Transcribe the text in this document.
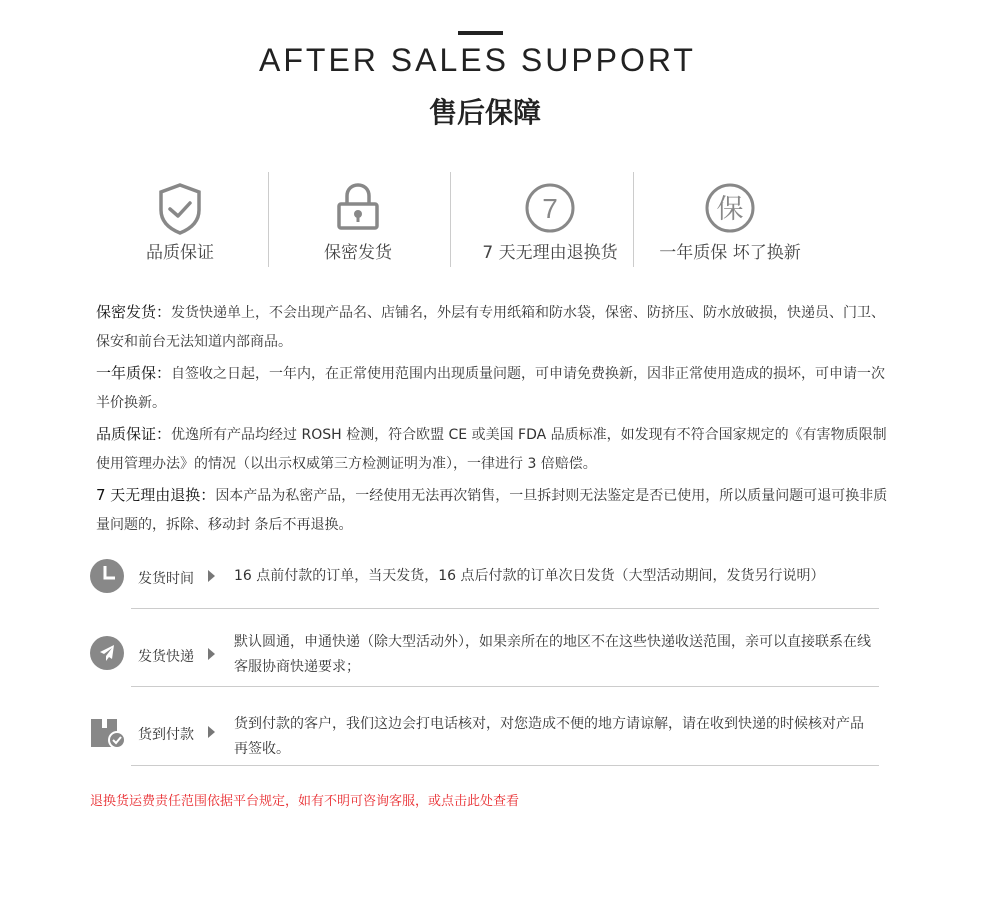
AFTER SALES SUPPORT
售后保障
品质保证	保密发货
7
7 天无理由退换货
保
一年质保 坏了换新
保密发货：发货快递单上，不会出现产品名、店铺名，外层有专用纸箱和防水袋，保密、防挤压、防水放破损，快递员、门卫、保安和前台无法知道内部商品。
一年质保：自签收之日起，一年内，在正常使用范围内出现质量问题，可申请免费换新，因非正常使用造成的损坏，可申请一次半价换新。
品质保证：优逸所有产品均经过 ROSH 检测，符合欧盟 CE 或美国 FDA 品质标准，如发现有不符合国家规定的《有害物质限制使用管理办法》的情况（以出示权威第三方检测证明为准），一律进行 3 倍赔偿。
7 天无理由退换：因本产品为私密产品，一经使用无法再次销售，一旦拆封则无法鉴定是否已使用，所以质量问题可退可换非质量问题的，拆除、移动封 条后不再退换。
发货时间	16 点前付款的订单，当天发货，16 点后付款的订单次日发货（大型活动期间，发货另行说明）
发货快递
默认圆通，申通快递（除大型活动外），如果亲所在的地区不在这些快递收送范围，亲可以直接联系在线客服协商快递要求；
货到付款
货到付款的客户，我们这边会打电话核对，对您造成不便的地方请谅解，请在收到快递的时候核对产品再签收。
退换货运费责任范围依据平台规定，如有不明可咨询客服，或点击此处查看
